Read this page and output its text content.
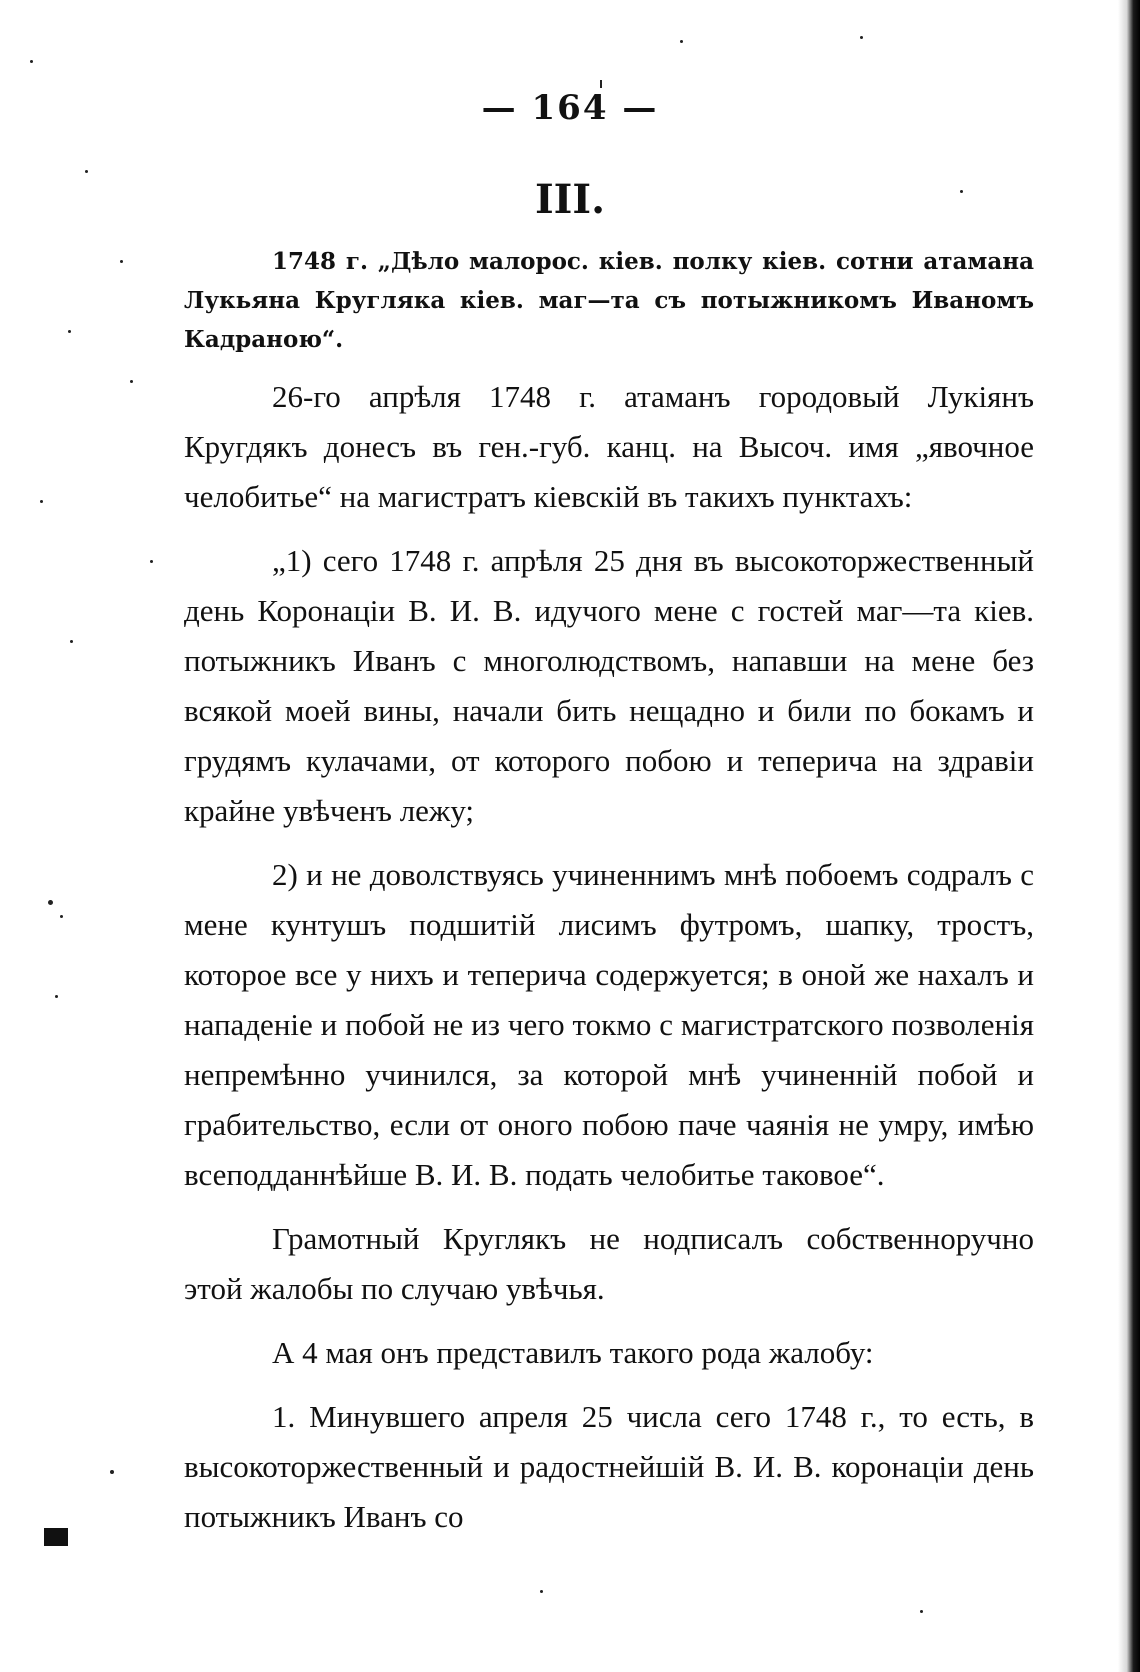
— 164 —
III.
1748 г. „Дѣло малорос. кiев. полку кiев. сотни атамана Лукьяна Кругляка кiев. маг—та съ потыжникомъ Иваномъ Кадраною“.

26-го апрѣля 1748 г. атаманъ городовый Лукiянъ Кругдякъ донесъ въ ген.-губ. канц. на Высоч. имя „явочное челобитье“ на магистратъ кiевскiй въ такихъ пунктахъ:

„1) сего 1748 г. апрѣля 25 дня въ высокоторжественный день Коронацiи В. И. В. идучого мене с гостей маг—та кiев. потыжникъ Иванъ с многолюдствомъ, напавши на мене без всякой моей вины, начали бить нещадно и били по бокамъ и грудямъ кулачами, от которого побою и теперича на здравiи крайне увѣченъ лежу;

2) и не доволствуясь учиненнимъ мнѣ побоемъ содралъ с мене кунтушъ подшитiй лисимъ футромъ, шапку, тростъ, которое все у нихъ и теперича содержуется; в оной же нахалъ и нападенiе и побой не из чего токмо с магистратского позволенiя непремѣнно учинился, за которой мнѣ учиненнiй побой и грабительство, если от оного побою паче чаянiя не умру, имѣю всеподданнѣйше В. И. В. подать челобитье таковое“.

Грамотный Круглякъ не нодписалъ собственноручно этой жалобы по случаю увѣчья.

А 4 мая онъ представилъ такого рода жалобу:

1. Минувшего апреля 25 числа сего 1748 г., то есть, в высокоторжественный и радостнейшiй В. И. В. коронацiи день потыжникъ Иванъ со
